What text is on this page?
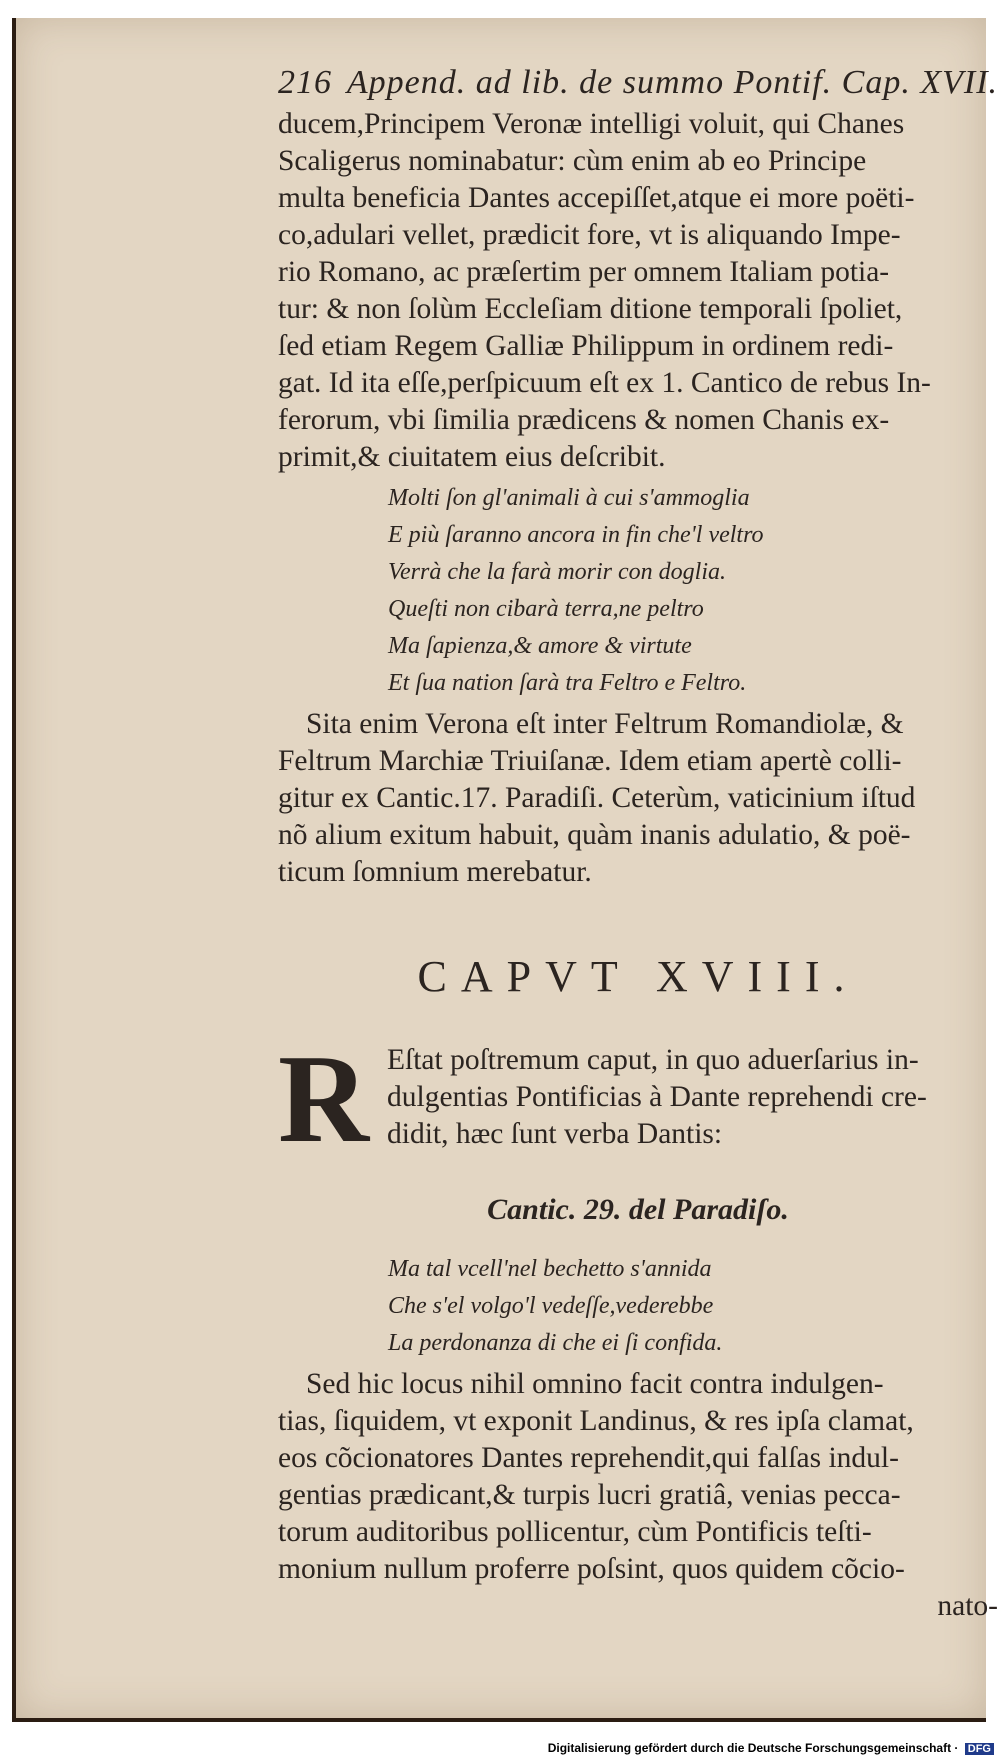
216 Append. ad lib. de summo Pontif. Cap. XVII.
ducem,Principem Veronæ intelligi voluit, qui Chanes
Scaligerus nominabatur: cùm enim ab eo Principe
multa beneficia Dantes accepiſſet,atque ei more poëti-
co,adulari vellet, prædicit fore, vt is aliquando Impe-
rio Romano, ac præſertim per omnem Italiam potia-
tur: & non ſolùm Eccleſiam ditione temporali ſpoliet,
ſed etiam Regem Galliæ Philippum in ordinem redi-
gat. Id ita eſſe,perſpicuum eſt ex 1. Cantico de rebus In-
ferorum, vbi ſimilia prædicens & nomen Chanis ex-
primit,& ciuitatem eius deſcribit.
Molti ſon gl'animali à cui s'ammoglia
E più ſaranno ancora in fin che'l veltro
Verrà che la farà morir con doglia.
Queſti non cibarà terra,ne peltro
Ma ſapienza,& amore & virtute
Et ſua nation ſarà tra Feltro e Feltro.
Sita enim Verona eſt inter Feltrum Romandiolæ, &
Feltrum Marchiæ Triuiſanæ. Idem etiam apertè colli-
gitur ex Cantic.17. Paradiſi. Ceterùm, vaticinium iſtud
nõ alium exitum habuit, quàm inanis adulatio, & poë-
ticum ſomnium merebatur.
CAPVT XVIII.
R Eſtat poſtremum caput, in quo aduerſarius in-
dulgentias Pontificias à Dante reprehendi cre-
didit, hæc ſunt verba Dantis:
Cantic. 29. del Paradiſo.
Ma tal vcell'nel bechetto s'annida
Che s'el volgo'l vedeſſe,vederebbe
La perdonanza di che ei ſi confida.
Sed hic locus nihil omnino facit contra indulgen-
tias, ſiquidem, vt exponit Landinus, & res ipſa clamat,
eos cõcionatores Dantes reprehendit,qui falſas indul-
gentias prædicant,& turpis lucri gratiâ, venias pecca-
torum auditoribus pollicentur, cùm Pontificis teſti-
monium nullum proferre poſsint, quos quidem cõcio-
nato-
Digitalisierung gefördert durch die Deutsche Forschungsgemeinschaft · DFG
